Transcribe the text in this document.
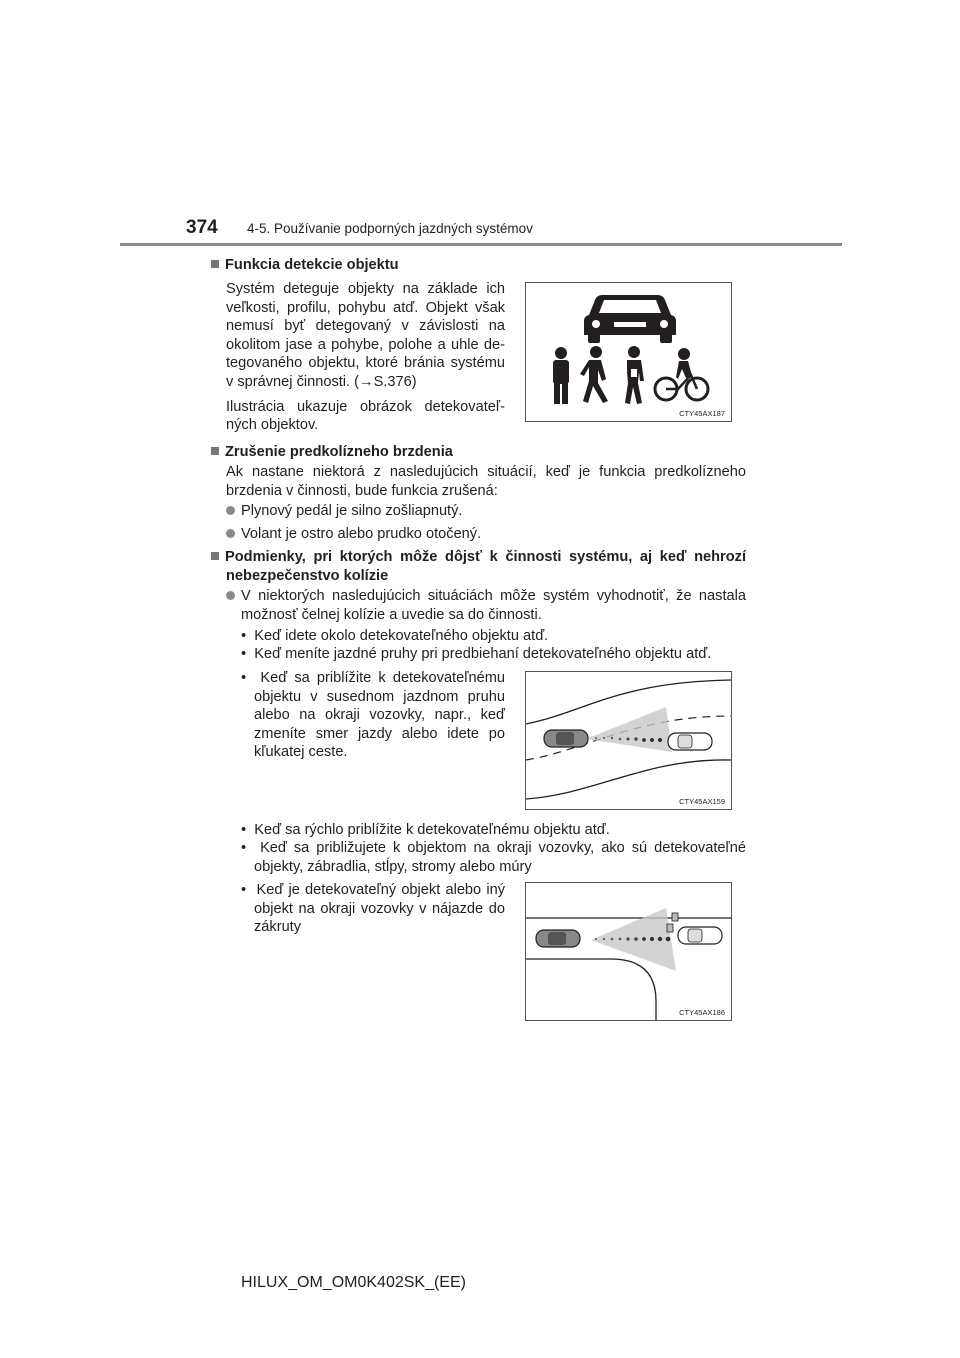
374 4-5. Používanie podporných jazdných systémov
Funkcia detekcie objektu
Systém deteguje objekty na základe ich
veľkosti, profilu, pohybu atď. Objekt však
nemusí byť detegovaný v závislosti na
okolitom jase a pohybe, polohe a uhle de-
tegovaného objektu, ktoré bránia systému
v správnej činnosti. (→S.376)
Ilustrácia ukazuje obrázok detekovateľ-
ných objektov.
CTY45AX187
Zrušenie predkolízneho brzdenia
Ak nastane niektorá z nasledujúcich situácií, keď je funkcia predkolízneho
brzdenia v činnosti, bude funkcia zrušená:
Plynový pedál je silno zošliapnutý.
Volant je ostro alebo prudko otočený.
Podmienky, pri ktorých môže dôjsť k činnosti systému, aj keď nehrozí
nebezpečenstvo kolízie
V niektorých nasledujúcich situáciách môže systém vyhodnotiť, že nastala
možnosť čelnej kolízie a uvedie sa do činnosti.
•  Keď idete okolo detekovateľného objektu atď.
•  Keď meníte jazdné pruhy pri predbiehaní detekovateľného objektu atď.
•  Keď sa priblížite k detekovateľnému
objektu v susednom jazdnom pruhu
alebo na okraji vozovky, napr., keď
zmeníte smer jazdy alebo idete po
kľukatej ceste.
CTY45AX159
•  Keď sa rýchlo priblížite k detekovateľnému objektu atď.
•  Keď sa približujete k objektom na okraji vozovky, ako sú detekovateľné
objekty, zábradlia, stĺpy, stromy alebo múry
•  Keď je detekovateľný objekt alebo iný
objekt na okraji vozovky v nájazde do
zákruty
CTY45AX186
HILUX_OM_OM0K402SK_(EE)
